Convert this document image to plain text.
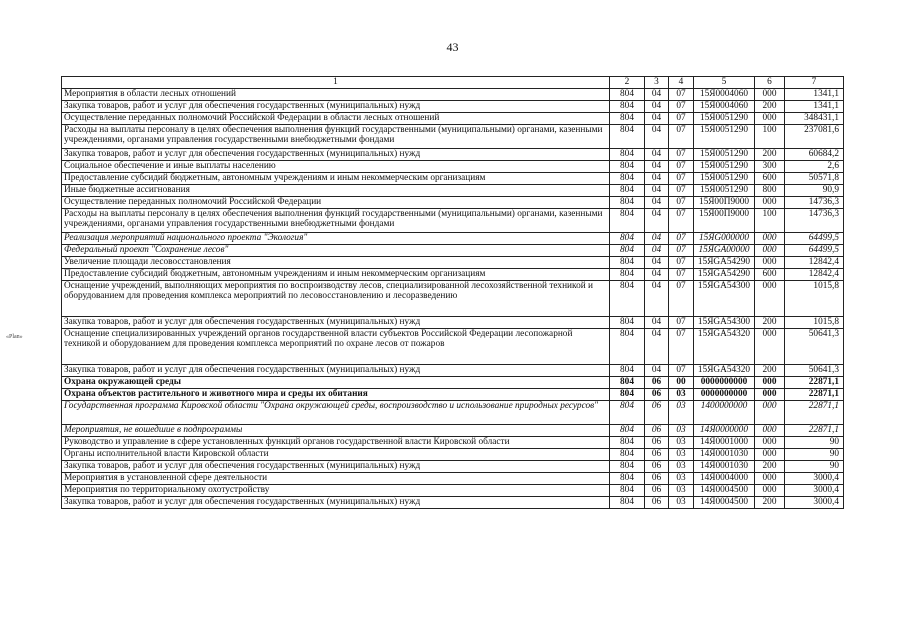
43
«Plan»
1	2	3	4	5	6	7
Мероприятия в области лесных отношений	804	04	07	15Я0004060	000	1341,1
Закупка товаров, работ и услуг для обеспечения государственных (муниципальных) нужд	804	04	07	15Я0004060	200	1341,1
Осуществление переданных полномочий Российской Федерации в области лесных отношений	804	04	07	15Я0051290	000	348431,1
Расходы на выплаты персоналу в целях обеспечения выполнения функций государственными (муниципальными) органами, казенными учреждениями, органами управления государственными внебюджетными фондами	804	04	07	15Я0051290	100	237081,6
Закупка товаров, работ и услуг для обеспечения государственных (муниципальных) нужд	804	04	07	15Я0051290	200	60684,2
Социальное обеспечение и иные выплаты населению	804	04	07	15Я0051290	300	2,6
Предоставление субсидий бюджетным, автономным учреждениям и иным некоммерческим организациям	804	04	07	15Я0051290	600	50571,8
Иные бюджетные ассигнования	804	04	07	15Я0051290	800	90,9
Осуществление переданных полномочий Российской Федерации	804	04	07	15Я00П9000	000	14736,3
Расходы на выплаты персоналу в целях обеспечения выполнения функций государственными (муниципальными) органами, казенными учреждениями, органами управления государственными внебюджетными фондами	804	04	07	15Я00П9000	100	14736,3
Реализация мероприятий национального проекта "Экология"	804	04	07	15ЯG000000	000	64499,5
Федеральный проект "Сохранение лесов"	804	04	07	15ЯGA00000	000	64499,5
Увеличение площади лесовосстановления	804	04	07	15ЯGA54290	000	12842,4
Предоставление субсидий бюджетным, автономным учреждениям и иным некоммерческим организациям	804	04	07	15ЯGA54290	600	12842,4
Оснащение учреждений, выполняющих мероприятия по воспроизводству лесов, специализированной лесохозяйственной техникой и оборудованием для проведения комплекса мероприятий по лесовосстановлению и лесоразведению	804	04	07	15ЯGA54300	000	1015,8
Закупка товаров, работ и услуг для обеспечения государственных (муниципальных) нужд	804	04	07	15ЯGA54300	200	1015,8
Оснащение специализированных учреждений органов государственной власти субъектов Российской Федерации лесопожарной техникой и оборудованием для проведения комплекса мероприятий по охране лесов от пожаров	804	04	07	15ЯGA54320	000	50641,3
Закупка товаров, работ и услуг для обеспечения государственных (муниципальных) нужд	804	04	07	15ЯGA54320	200	50641,3
Охрана окружающей среды	804	06	00	0000000000	000	22871,1
Охрана объектов растительного и животного мира и среды их обитания	804	06	03	0000000000	000	22871,1
Государственная программа Кировской области "Охрана окружающей среды, воспроизводство и использование природных ресурсов"	804	06	03	1400000000	000	22871,1
Мероприятия, не вошедшие в подпрограммы	804	06	03	14Я0000000	000	22871,1
Руководство и управление в сфере установленных функций органов государственной власти Кировской области	804	06	03	14Я0001000	000	90
Органы исполнительной власти Кировской области	804	06	03	14Я0001030	000	90
Закупка товаров, работ и услуг для обеспечения государственных (муниципальных) нужд	804	06	03	14Я0001030	200	90
Мероприятия в установленной сфере деятельности	804	06	03	14Я0004000	000	3000,4
Мероприятия по территориальному охотустройству	804	06	03	14Я0004500	000	3000,4
Закупка товаров, работ и услуг для обеспечения государственных (муниципальных) нужд	804	06	03	14Я0004500	200	3000,4
